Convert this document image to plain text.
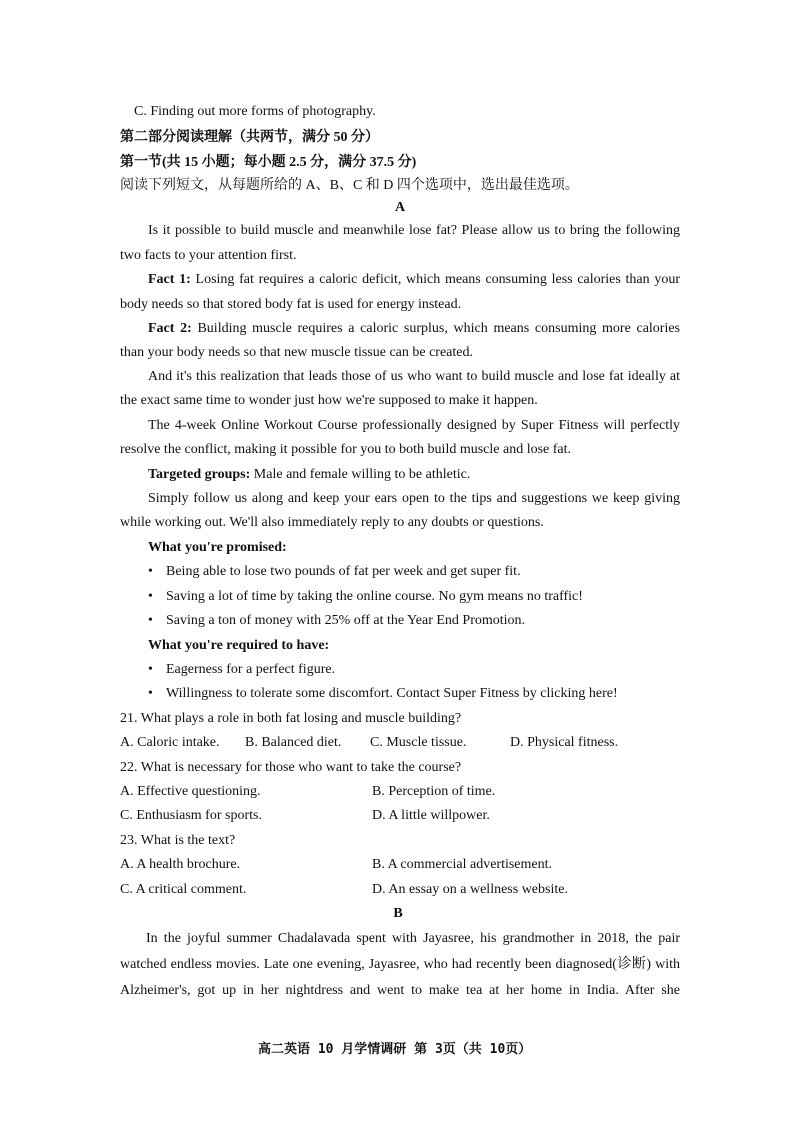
C. Finding out more forms of photography.
第二部分阅读理解（共两节，满分 50 分）
第一节(共 15 小题；每小题 2.5 分，满分 37.5 分)
阅读下列短文，从每题所给的 A、B、C 和 D 四个选项中，选出最佳选项。
A
Is it possible to build muscle and meanwhile lose fat? Please allow us to bring the following
two facts to your attention first.
Fact 1: Losing fat requires a caloric deficit, which means consuming less calories than your
body needs so that stored body fat is used for energy instead.
Fact 2: Building muscle requires a caloric surplus, which means consuming more calories
than your body needs so that new muscle tissue can be created.
And it's this realization that leads those of us who want to build muscle and lose fat ideally at
the exact same time to wonder just how we're supposed to make it happen.
The 4-week Online Workout Course professionally designed by Super Fitness will perfectly
resolve the conflict, making it possible for you to both build muscle and lose fat.
Targeted groups: Male and female willing to be athletic.
Simply follow us along and keep your ears open to the tips and suggestions we keep giving
while working out. We'll also immediately reply to any doubts or questions.
What you're promised:
• Being able to lose two pounds of fat per week and get super fit.
• Saving a lot of time by taking the online course. No gym means no traffic!
• Saving a ton of money with 25% off at the Year End Promotion.
What you're required to have:
• Eagerness for a perfect figure.
• Willingness to tolerate some discomfort. Contact Super Fitness by clicking here!
21. What plays a role in both fat losing and muscle building?
A. Caloric intake. B. Balanced diet. C. Muscle tissue.	D. Physical fitness.
22. What is necessary for those who want to take the course?
A. Effective questioning.	B. Perception of time.
C. Enthusiasm for sports.	D. A little willpower.
23. What is the text?
A. A health brochure.	B. A commercial advertisement.
C. A critical comment.	D. An essay on a wellness website.
B
In the joyful summer Chadalavada spent with Jayasree, his grandmother in 2018, the pair
watched endless movies. Late one evening, Jayasree, who had recently been diagnosed(诊断) with
Alzheimer's, got up in her nightdress and went to make tea at her home in India. After she
高二英语 10 月学情调研 第 3页（共 10页）
